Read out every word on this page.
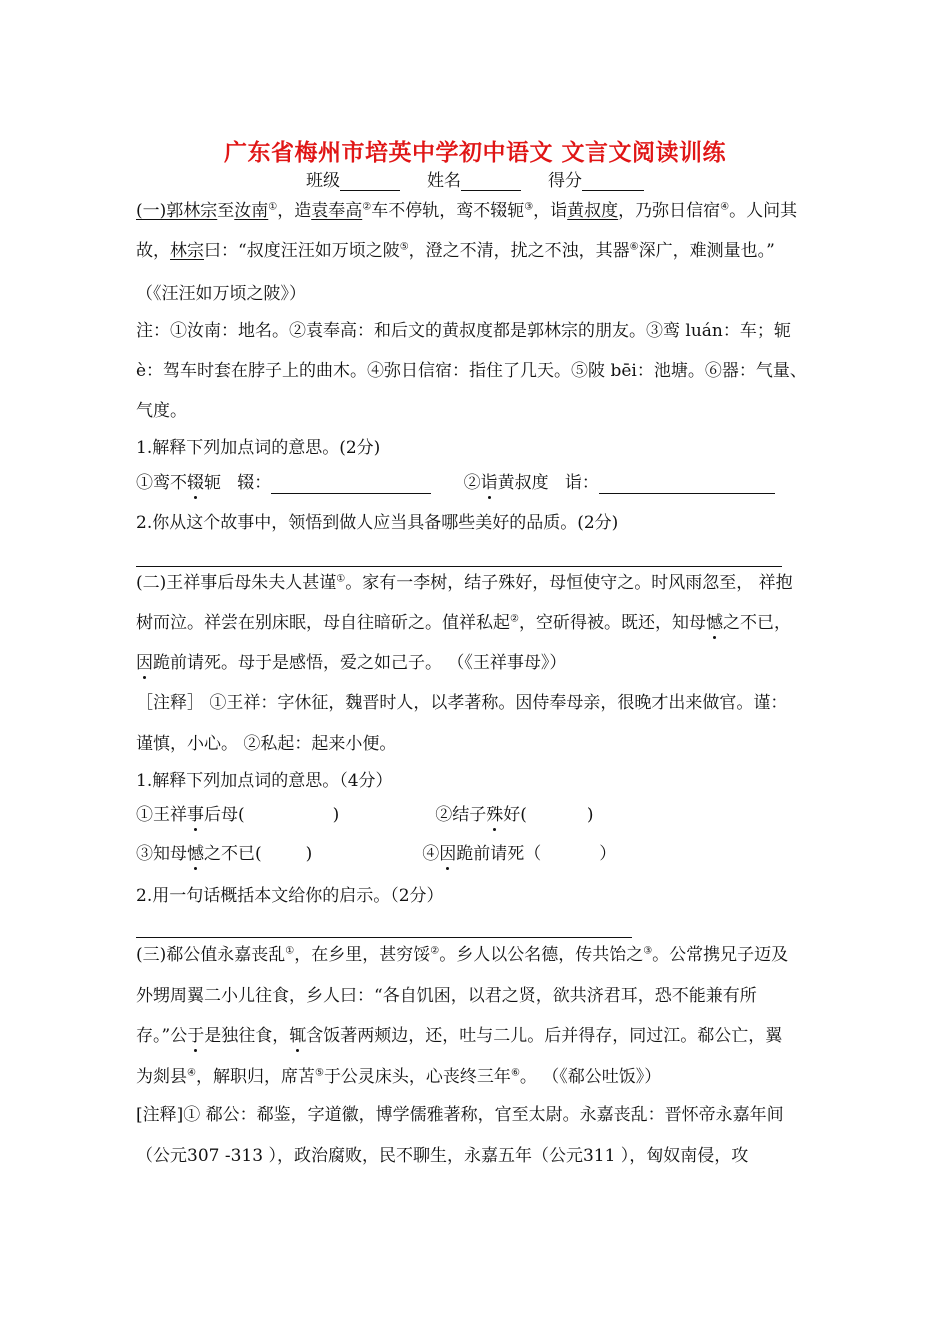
广东省梅州市培英中学初中语文 文言文阅读训练
班级	姓名	得分
(一)郭林宗至汝南①，造袁奉高②车不停轨，鸾不辍轭③，诣黄叔度，乃弥日信宿④。人问其
故，林宗曰：“叔度汪汪如万顷之陂⑤，澄之不清，扰之不浊，其器⑥深广，难测量也。”
（《汪汪如万顷之陂》）
注：①汝南：地名。②袁奉高：和后文的黄叔度都是郭林宗的朋友。③鸾 luán：车；轭
è：驾车时套在脖子上的曲木。④弥日信宿：指住了几天。⑤陂 bēi：池塘。⑥器：气量、
气度。
1.解释下列加点词的意思。(2分)
①鸾不辍轭 辍：	②诣黄叔度 诣：
2.你从这个故事中，领悟到做人应当具备哪些美好的品质。(2分)
(二)王祥事后母朱夫人甚谨①。家有一李树，结子殊好，母恒使守之。时风雨忽至， 祥抱
树而泣。祥尝在别床眠，母自往暗斫之。值祥私起②，空斫得被。既还，知母憾之不已，
因跪前请死。母于是感悟，爱之如己子。 （《王祥事母》）
［注释］ ①王祥：字休征，魏晋时人，以孝著称。因侍奉母亲，很晚才出来做官。谨：
谨慎，小心。 ②私起：起来小便。
1.解释下列加点词的意思。（4分）
①王祥事后母(	)	②结子殊好(	)
③知母憾之不已(	)	④因跪前请死（	）
2.用一句话概括本文给你的启示。（2分）
(三)郗公值永嘉丧乱①，在乡里，甚穷馁②。乡人以公名德，传共饴之③。公常携兄子迈及
外甥周翼二小儿往食，乡人曰：“各自饥困，以君之贤，欲共济君耳，恐不能兼有所
存。”公于是独往食，辄含饭著两颊边，还，吐与二儿。后并得存，同过江。郗公亡，翼
为剡县④，解职归，席苫⑤于公灵床头，心丧终三年⑥。 （《郗公吐饭》）
[注释]① 郗公：郗鉴，字道徽，博学儒雅著称，官至太尉。永嘉丧乱：晋怀帝永嘉年间
（公元307 -313 ），政治腐败，民不聊生，永嘉五年（公元311 ），匈奴南侵，攻
